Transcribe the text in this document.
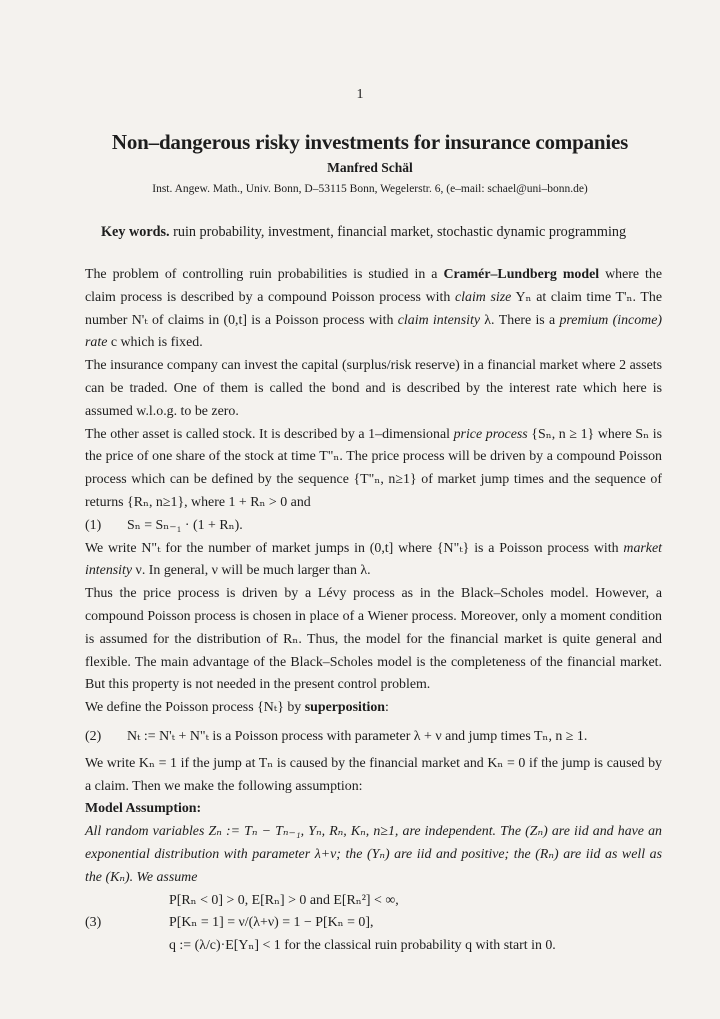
1
Non–dangerous risky investments for insurance companies
Manfred Schäl
Inst. Angew. Math., Univ. Bonn, D–53115 Bonn, Wegelerstr. 6, (e–mail: schael@uni–bonn.de)
Key words. ruin probability, investment, financial market, stochastic dynamic programming

The problem of controlling ruin probabilities is studied in a Cramér–Lundberg model where the claim process is described by a compound Poisson process with claim size Yₙ at claim time T'ₙ. The number N'ₜ of claims in (0,t] is a Poisson process with claim intensity λ. There is a premium (income) rate c which is fixed.

The insurance company can invest the capital (surplus/risk reserve) in a financial market where 2 assets can be traded. One of them is called the bond and is described by the interest rate which here is assumed w.l.o.g. to be zero.

The other asset is called stock. It is described by a 1–dimensional price process {Sₙ, n ≥ 1} where Sₙ is the price of one share of the stock at time T"ₙ. The price process will be driven by a compound Poisson process which can be defined by the sequence {T"ₙ, n≥1} of market jump times and the sequence of returns {Rₙ, n≥1}, where 1 + Rₙ > 0 and

(1)	Sₙ = Sₙ₋₁ · (1 + Rₙ).

We write N"ₜ for the number of market jumps in (0,t] where {N"ₜ} is a Poisson process with market intensity ν. In general, ν will be much larger than λ.

Thus the price process is driven by a Lévy process as in the Black–Scholes model. However, a compound Poisson process is chosen in place of a Wiener process. Moreover, only a moment condition is assumed for the distribution of Rₙ. Thus, the model for the financial market is quite general and flexible. The main advantage of the Black–Scholes model is the completeness of the financial market. But this property is not needed in the present control problem.

We define the Poisson process {Nₜ} by superposition:

(2)	Nₜ := N'ₜ + N"ₜ is a Poisson process with parameter λ + ν and jump times Tₙ, n ≥ 1.

We write Kₙ = 1 if the jump at Tₙ is caused by the financial market and Kₙ = 0 if the jump is caused by a claim. Then we make the following assumption:

Model Assumption:

All random variables Zₙ := Tₙ − Tₙ₋₁, Yₙ, Rₙ, Kₙ, n≥1, are independent. The (Zₙ) are iid and have an exponential distribution with parameter λ+ν; the (Yₙ) are iid and positive; the (Rₙ) are iid as well as the (Kₙ). We assume

(3)
P[Rₙ < 0] > 0, E[Rₙ] > 0 and E[Rₙ²] < ∞,
P[Kₙ = 1] = ν/(λ+ν) = 1 − P[Kₙ = 0],
q := (λ/c)·E[Yₙ] < 1 for the classical ruin probability q with start in 0.
